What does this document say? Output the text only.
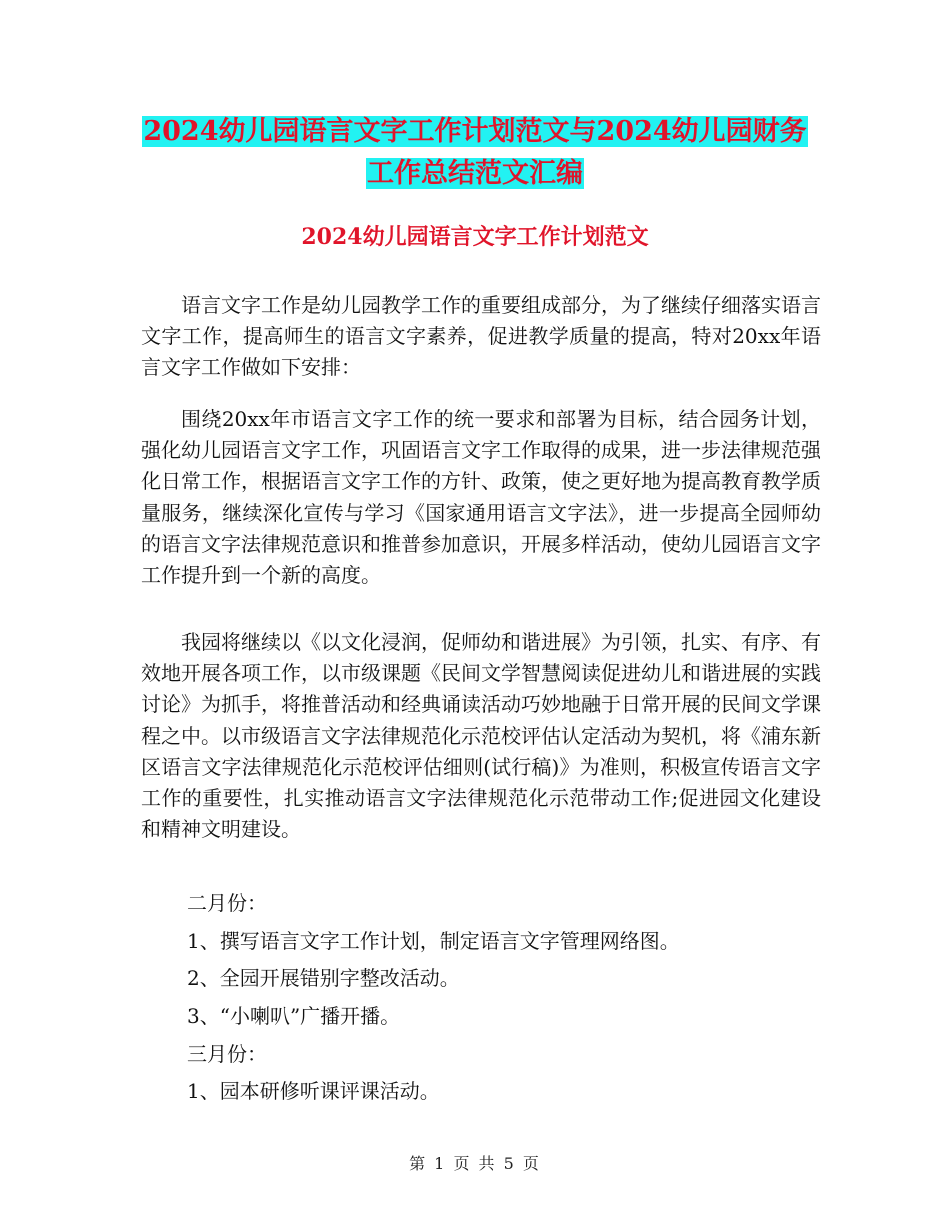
2024幼儿园语言文字工作计划范文与2024幼儿园财务
工作总结范文汇编
2024幼儿园语言文字工作计划范文

语言文字工作是幼儿园教学工作的重要组成部分，为了继续仔细落实语言文字工作，提高师生的语言文字素养，促进教学质量的提高，特对20xx年语言文字工作做如下安排：

围绕20xx年市语言文字工作的统一要求和部署为目标，结合园务计划，强化幼儿园语言文字工作，巩固语言文字工作取得的成果，进一步法律规范强化日常工作，根据语言文字工作的方针、政策，使之更好地为提高教育教学质量服务，继续深化宣传与学习《国家通用语言文字法》，进一步提高全园师幼的语言文字法律规范意识和推普参加意识，开展多样活动，使幼儿园语言文字工作提升到一个新的高度。

我园将继续以《以文化浸润，促师幼和谐进展》为引领，扎实、有序、有效地开展各项工作，以市级课题《民间文学智慧阅读促进幼儿和谐进展的实践讨论》为抓手，将推普活动和经典诵读活动巧妙地融于日常开展的民间文学课程之中。以市级语言文字法律规范化示范校评估认定活动为契机，将《浦东新区语言文字法律规范化示范校评估细则(试行稿)》为准则，积极宣传语言文字工作的重要性，扎实推动语言文字法律规范化示范带动工作;促进园文化建设和精神文明建设。

二月份：
1、撰写语言文字工作计划，制定语言文字管理网络图。
2、全园开展错别字整改活动。
3、“小喇叭”广播开播。
三月份：
1、园本研修听课评课活动。
第 1 页 共 5 页
